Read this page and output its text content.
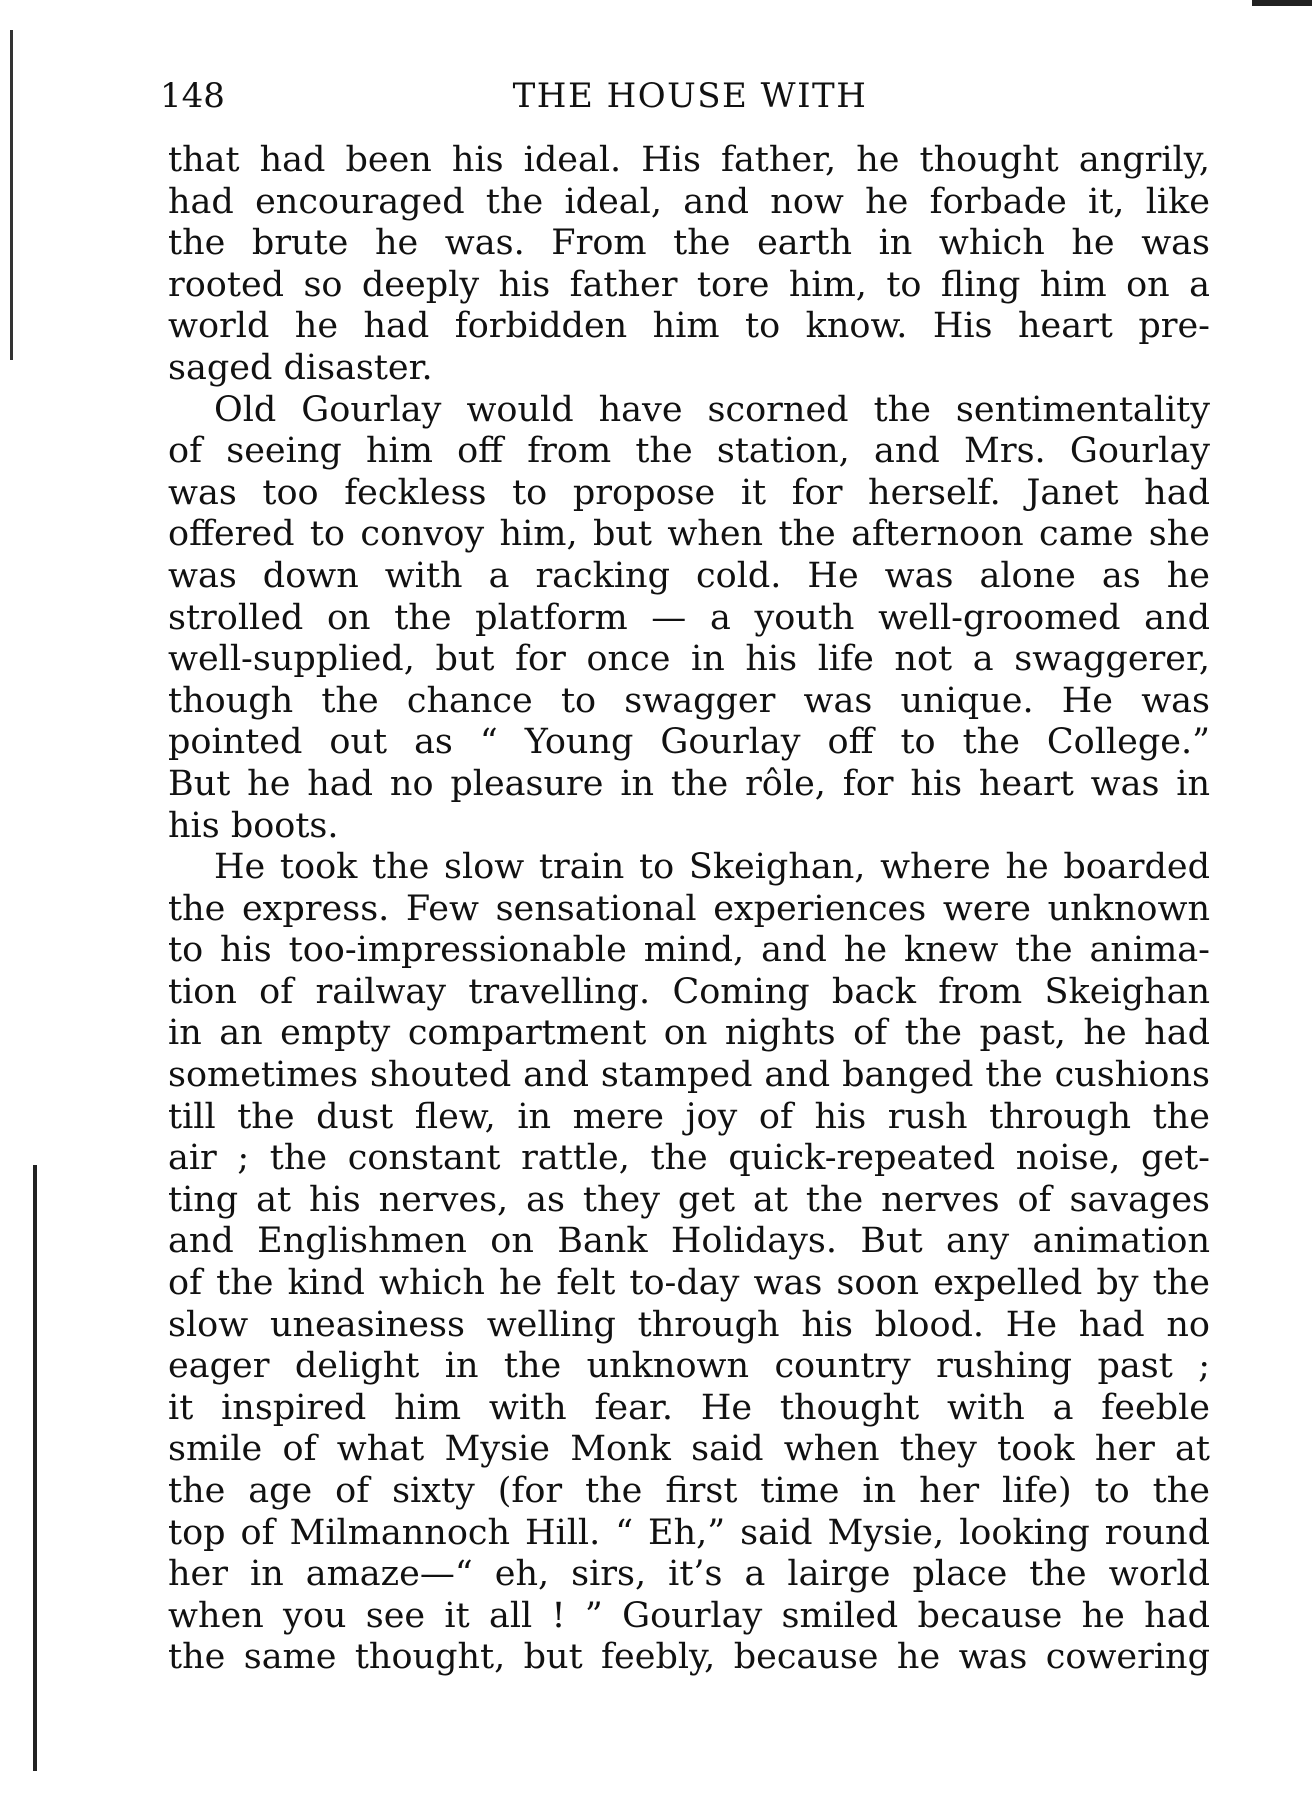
148	THE HOUSE WITH
that had been his ideal. His father, he thought angrily,
had encouraged the ideal, and now he forbade it, like
the brute he was. From the earth in which he was
rooted so deeply his father tore him, to fling him on a
world he had forbidden him to know. His heart pre-
saged disaster.
Old Gourlay would have scorned the sentimentality
of seeing him off from the station, and Mrs. Gourlay
was too feckless to propose it for herself. Janet had
offered to convoy him, but when the afternoon came she
was down with a racking cold. He was alone as he
strolled on the platform — a youth well-groomed and
well-supplied, but for once in his life not a swaggerer,
though the chance to swagger was unique. He was
pointed out as “ Young Gourlay off to the College.”
But he had no pleasure in the rôle, for his heart was in
his boots.
He took the slow train to Skeighan, where he boarded
the express. Few sensational experiences were unknown
to his too-impressionable mind, and he knew the anima-
tion of railway travelling. Coming back from Skeighan
in an empty compartment on nights of the past, he had
sometimes shouted and stamped and banged the cushions
till the dust flew, in mere joy of his rush through the
air ; the constant rattle, the quick-repeated noise, get-
ting at his nerves, as they get at the nerves of savages
and Englishmen on Bank Holidays. But any animation
of the kind which he felt to-day was soon expelled by the
slow uneasiness welling through his blood. He had no
eager delight in the unknown country rushing past ;
it inspired him with fear. He thought with a feeble
smile of what Mysie Monk said when they took her at
the age of sixty (for the first time in her life) to the
top of Milmannoch Hill. “ Eh,” said Mysie, looking round
her in amaze—“ eh, sirs, it’s a lairge place the world
when you see it all ! ” Gourlay smiled because he had
the same thought, but feebly, because he was cowering
